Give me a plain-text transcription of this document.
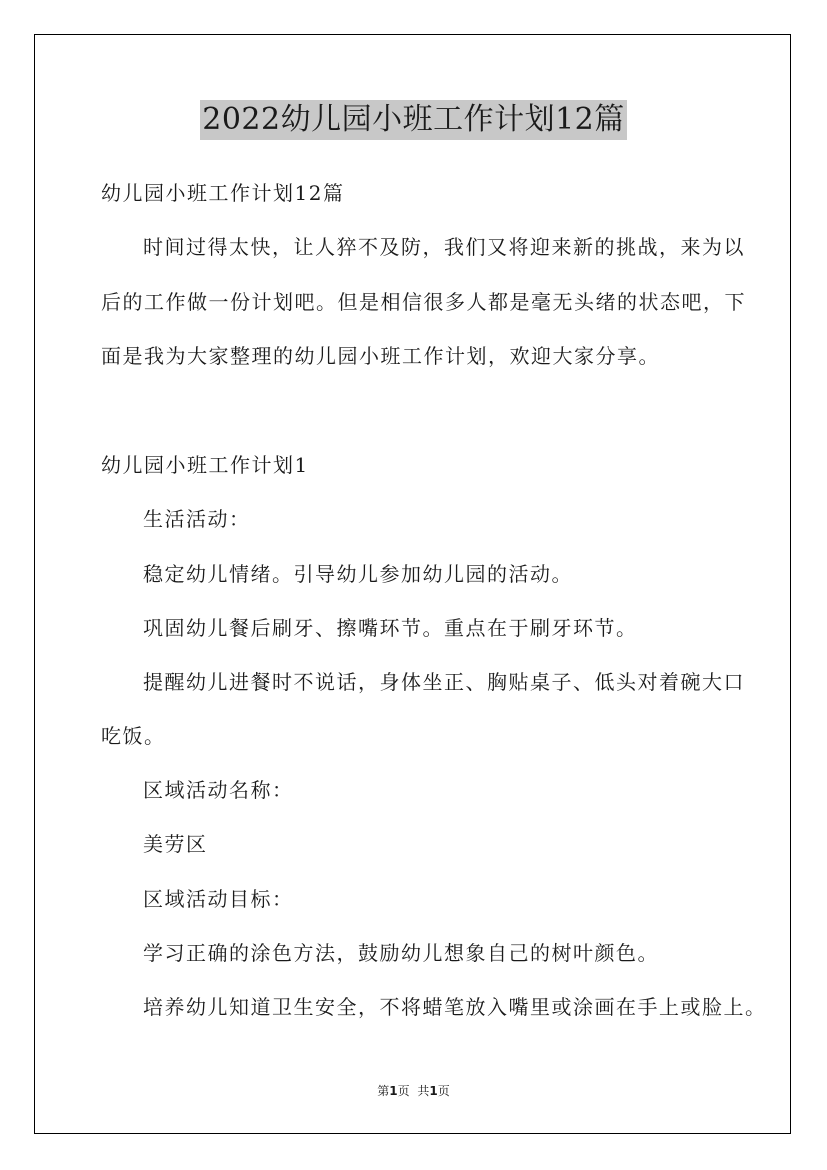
2022幼儿园小班工作计划12篇
幼儿园小班工作计划12篇
时间过得太快，让人猝不及防，我们又将迎来新的挑战，来为以
后的工作做一份计划吧。但是相信很多人都是毫无头绪的状态吧，下
面是我为大家整理的幼儿园小班工作计划，欢迎大家分享。
幼儿园小班工作计划1
生活活动：
稳定幼儿情绪。引导幼儿参加幼儿园的活动。
巩固幼儿餐后刷牙、擦嘴环节。重点在于刷牙环节。
提醒幼儿进餐时不说话，身体坐正、胸贴桌子、低头对着碗大口
吃饭。
区域活动名称：
美劳区
区域活动目标：
学习正确的涂色方法，鼓励幼儿想象自己的树叶颜色。
培养幼儿知道卫生安全，不将蜡笔放入嘴里或涂画在手上或脸上。
第1页 共1页
